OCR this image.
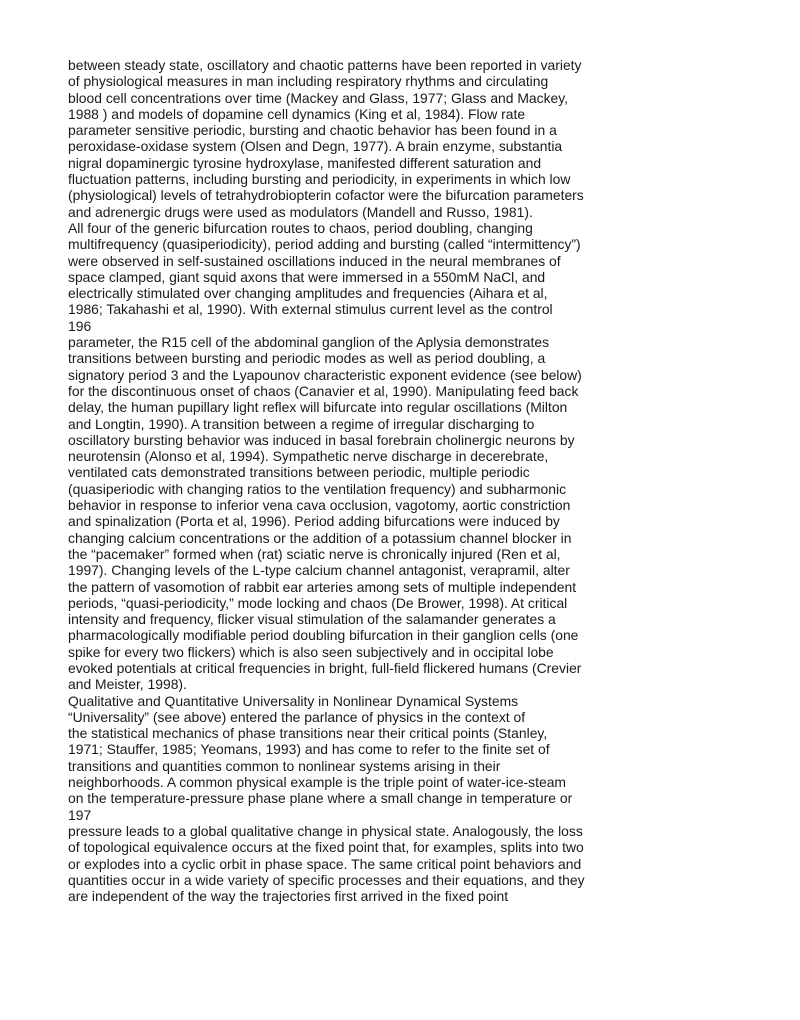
between steady state, oscillatory and chaotic patterns have been reported in variety
of physiological measures in man including respiratory rhythms and circulating
blood cell concentrations over time (Mackey and Glass, 1977; Glass and Mackey,
1988 ) and models of dopamine cell dynamics (King et al, 1984). Flow rate
parameter sensitive periodic, bursting and chaotic behavior has been found in a
peroxidase-oxidase system (Olsen and Degn, 1977). A brain enzyme, substantia
nigral dopaminergic tyrosine hydroxylase, manifested different saturation and
fluctuation patterns, including bursting and periodicity, in experiments in which low
(physiological) levels of tetrahydrobiopterin cofactor were the bifurcation parameters
and adrenergic drugs were used as modulators (Mandell and Russo, 1981).
All four of the generic bifurcation routes to chaos, period doubling, changing
multifrequency (quasiperiodicity), period adding and bursting (called “intermittency”)
were observed in self-sustained oscillations induced in the neural membranes of
space clamped, giant squid axons that were immersed in a 550mM NaCl, and
electrically stimulated over changing amplitudes and frequencies (Aihara et al,
1986; Takahashi et al, 1990). With external stimulus current level as the control
196
parameter, the R15 cell of the abdominal ganglion of the Aplysia demonstrates
transitions between bursting and periodic modes as well as period doubling, a
signatory period 3 and the Lyapounov characteristic exponent evidence (see below)
for the discontinuous onset of chaos (Canavier et al, 1990). Manipulating feed back
delay, the human pupillary light reflex will bifurcate into regular oscillations (Milton
and Longtin, 1990). A transition between a regime of irregular discharging to
oscillatory bursting behavior was induced in basal forebrain cholinergic neurons by
neurotensin (Alonso et al, 1994). Sympathetic nerve discharge in decerebrate,
ventilated cats demonstrated transitions between periodic, multiple periodic
(quasiperiodic with changing ratios to the ventilation frequency) and subharmonic
behavior in response to inferior vena cava occlusion, vagotomy, aortic constriction
and spinalization (Porta et al, 1996). Period adding bifurcations were induced by
changing calcium concentrations or the addition of a potassium channel blocker in
the “pacemaker” formed when (rat) sciatic nerve is chronically injured (Ren et al,
1997). Changing levels of the L-type calcium channel antagonist, verapramil, alter
the pattern of vasomotion of rabbit ear arteries among sets of multiple independent
periods, “quasi-periodicity,” mode locking and chaos (De Brower, 1998). At critical
intensity and frequency, flicker visual stimulation of the salamander generates a
pharmacologically modifiable period doubling bifurcation in their ganglion cells (one
spike for every two flickers) which is also seen subjectively and in occipital lobe
evoked potentials at critical frequencies in bright, full-field flickered humans (Crevier
and Meister, 1998).
Qualitative and Quantitative Universality in Nonlinear Dynamical Systems
“Universality” (see above) entered the parlance of physics in the context of
the statistical mechanics of phase transitions near their critical points (Stanley,
1971; Stauffer, 1985; Yeomans, 1993) and has come to refer to the finite set of
transitions and quantities common to nonlinear systems arising in their
neighborhoods. A common physical example is the triple point of water-ice-steam
on the temperature-pressure phase plane where a small change in temperature or
197
pressure leads to a global qualitative change in physical state. Analogously, the loss
of topological equivalence occurs at the fixed point that, for examples, splits into two
or explodes into a cyclic orbit in phase space. The same critical point behaviors and
quantities occur in a wide variety of specific processes and their equations, and they
are independent of the way the trajectories first arrived in the fixed point
